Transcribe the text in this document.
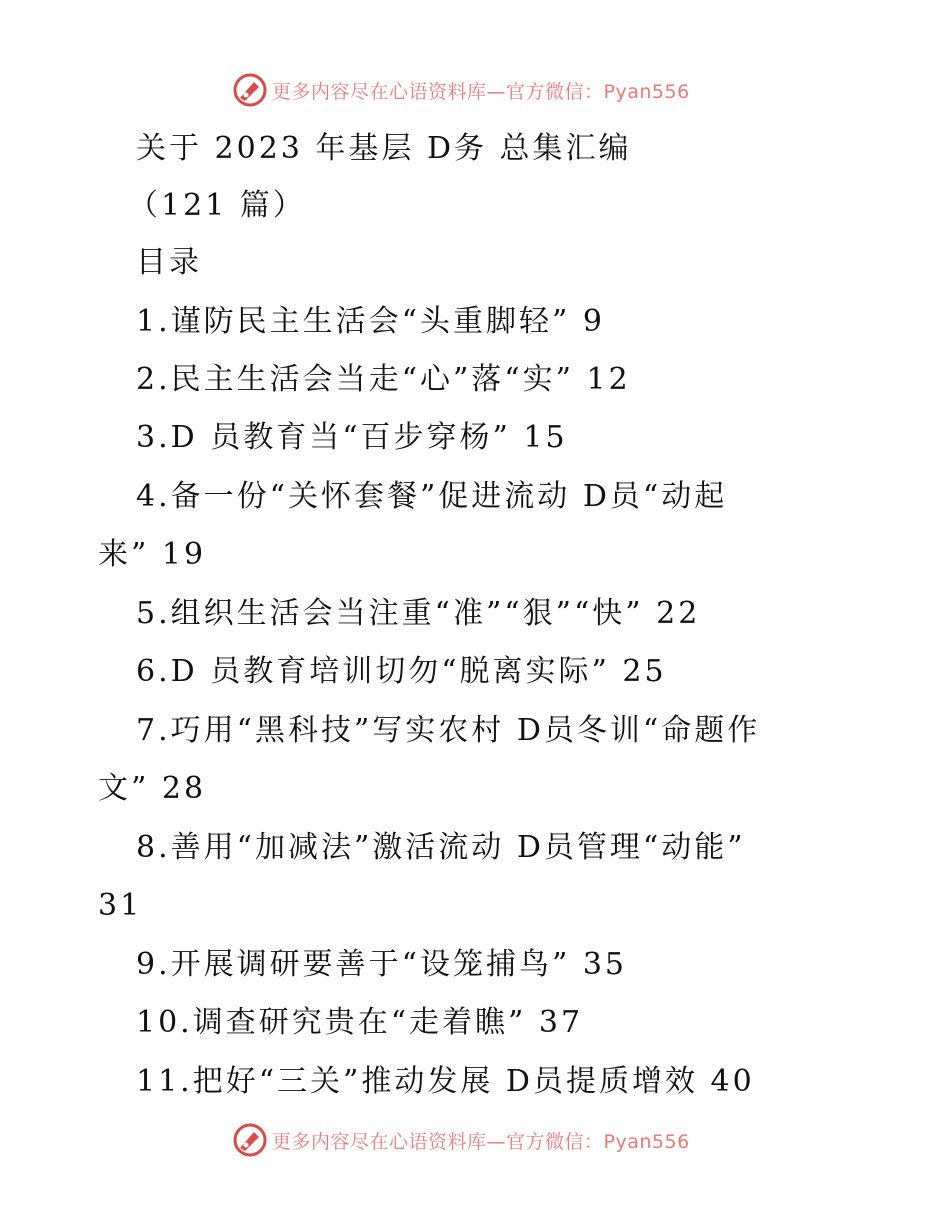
更多内容尽在心语资料库—官方微信：Pyan556
关于 2023 年基层 D务 总集汇编
（121 篇）
目录
1.谨防民主生活会“头重脚轻” 9
2.民主生活会当走“心”落“实” 12
3.D 员教育当“百步穿杨” 15
4.备一份“关怀套餐”促进流动 D员“动起
来” 19
5.组织生活会当注重“准”“狠”“快” 22
6.D 员教育培训切勿“脱离实际” 25
7.巧用“黑科技”写实农村 D员冬训“命题作
文” 28
8.善用“加减法”激活流动 D员管理“动能”
31
9.开展调研要善于“设笼捕鸟” 35
10.调查研究贵在“走着瞧” 37
11.把好“三关”推动发展 D员提质增效 40
更多内容尽在心语资料库—官方微信：Pyan556
